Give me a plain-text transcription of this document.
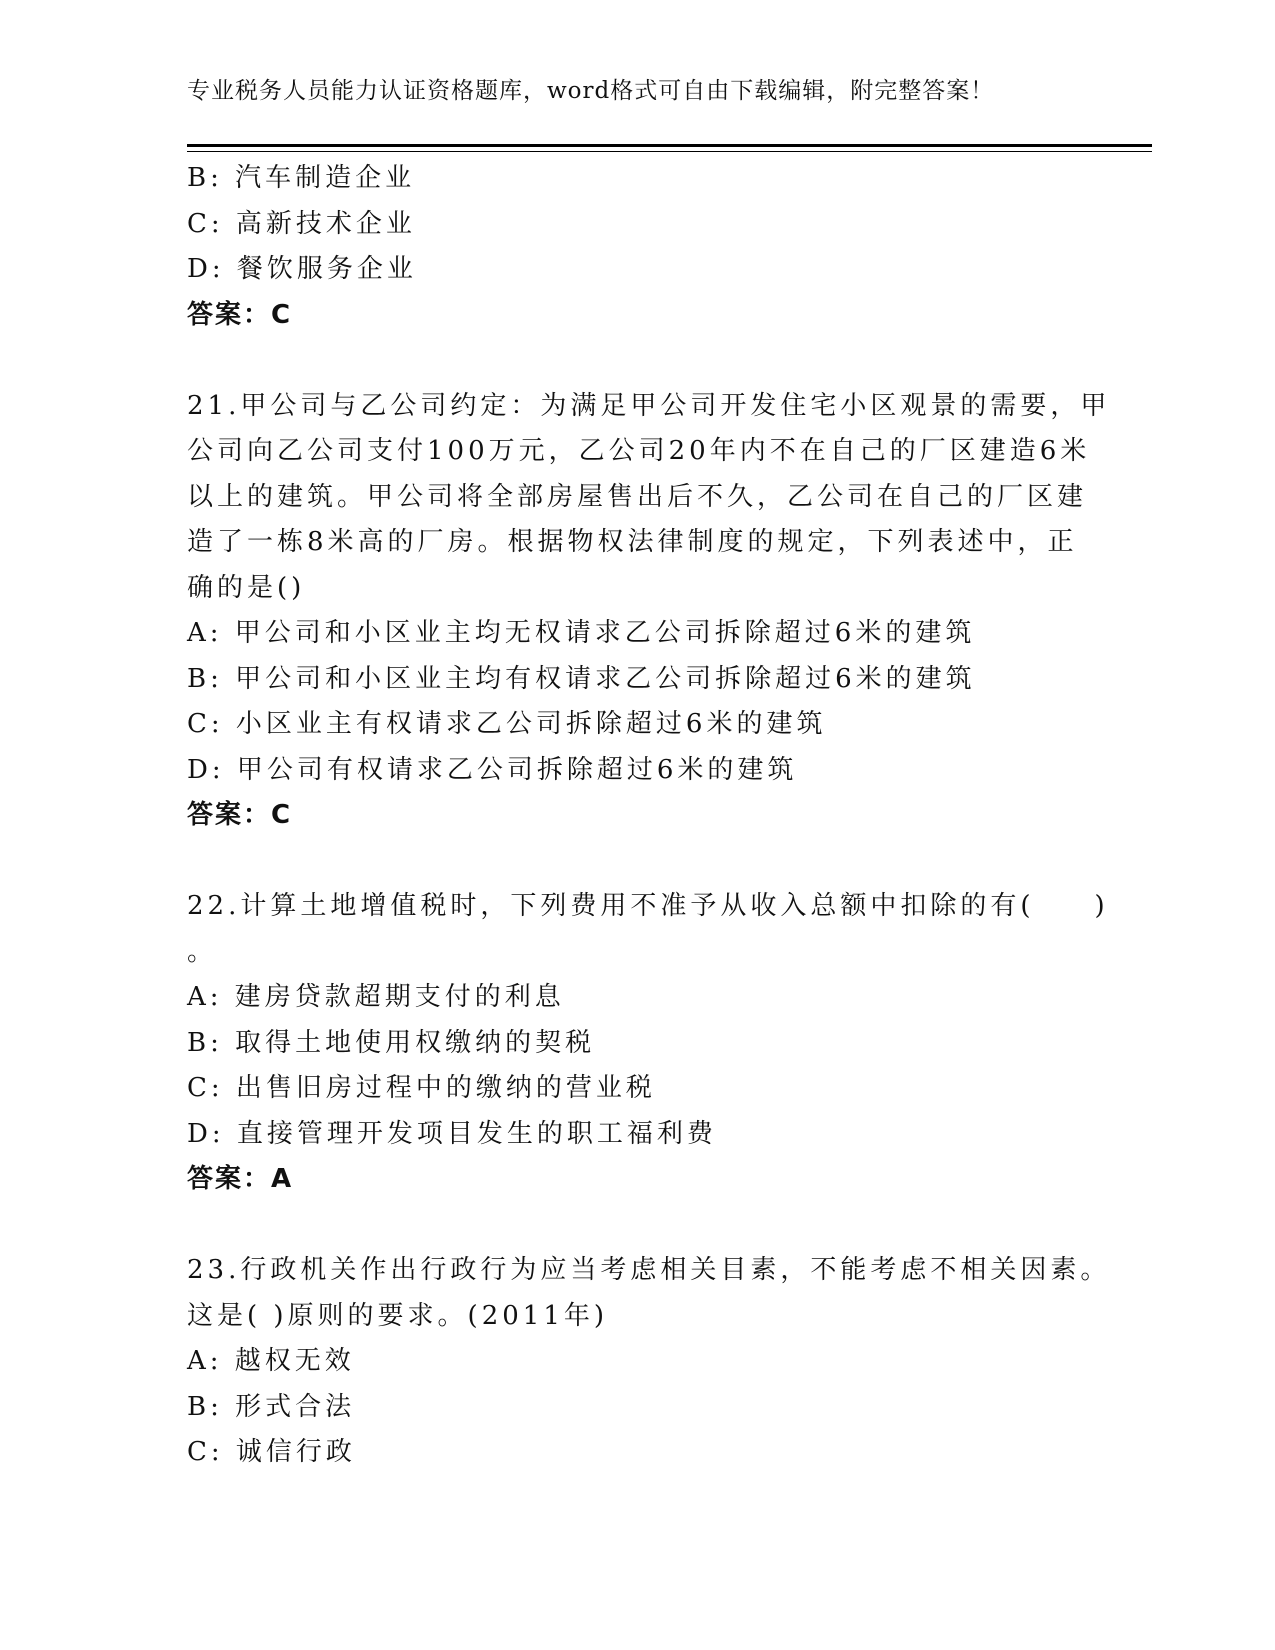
专业税务人员能力认证资格题库，word格式可自由下载编辑，附完整答案！
B: 汽车制造企业
C: 高新技术企业
D: 餐饮服务企业
答案：C
21.甲公司与乙公司约定：为满足甲公司开发住宅小区观景的需要，甲
公司向乙公司支付100万元，乙公司20年内不在自己的厂区建造6米
以上的建筑。甲公司将全部房屋售出后不久，乙公司在自己的厂区建
造了一栋8米高的厂房。根据物权法律制度的规定，下列表述中，正
确的是()
A: 甲公司和小区业主均无权请求乙公司拆除超过6米的建筑
B: 甲公司和小区业主均有权请求乙公司拆除超过6米的建筑
C: 小区业主有权请求乙公司拆除超过6米的建筑
D: 甲公司有权请求乙公司拆除超过6米的建筑
答案：C
22.计算土地增值税时，下列费用不准予从收入总额中扣除的有(　　)
。
A: 建房贷款超期支付的利息
B: 取得土地使用权缴纳的契税
C: 出售旧房过程中的缴纳的营业税
D: 直接管理开发项目发生的职工福利费
答案：A
23.行政机关作出行政行为应当考虑相关目素，不能考虑不相关因素。
这是( )原则的要求。(2011年)
A: 越权无效
B: 形式合法
C: 诚信行政
